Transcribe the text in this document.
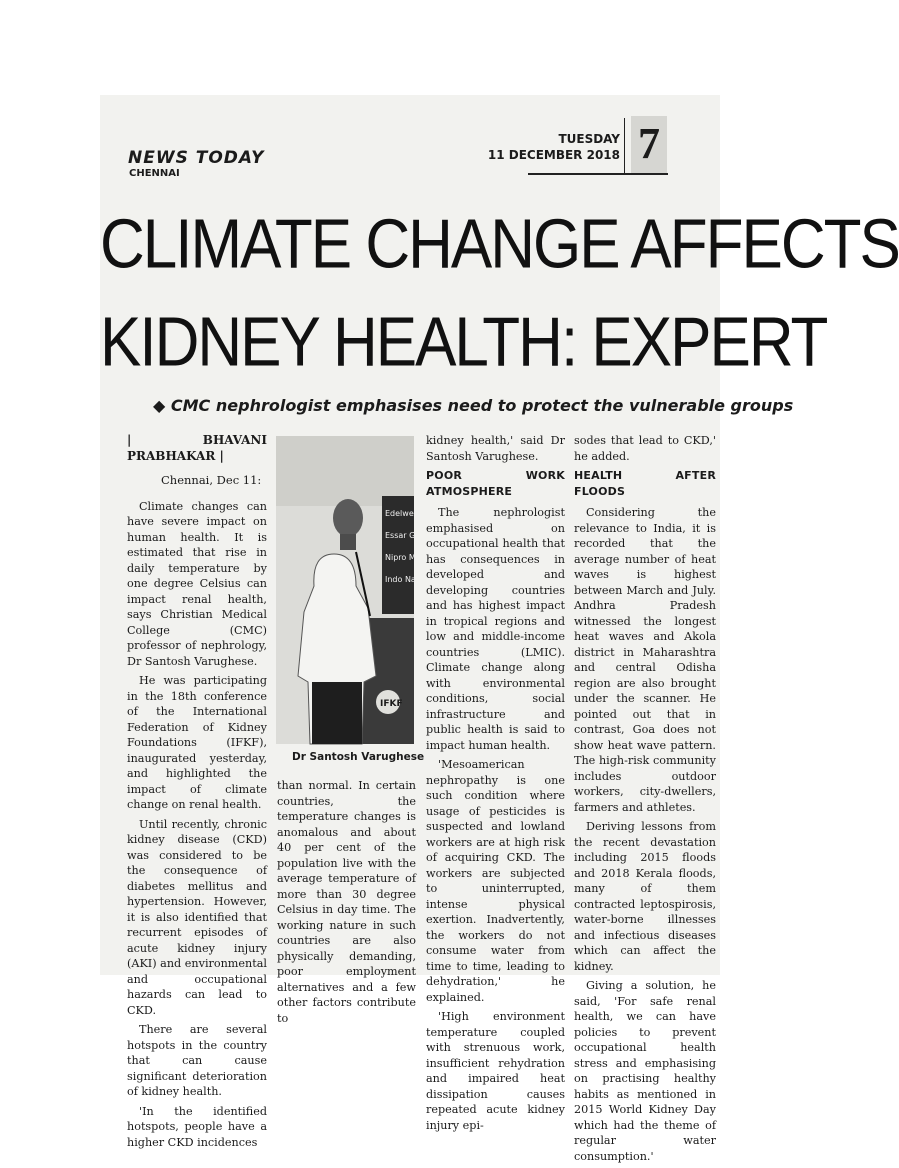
NEWS TODAY
CHENNAI
TUESDAY
11 DECEMBER 2018 7
CLIMATE CHANGE AFFECTS
KIDNEY HEALTH: EXPERT
◆ CMC nephrologist emphasises need to protect the vulnerable groups
| BHAVANI PRABHAKAR |
Chennai, Dec 11:

Climate changes can have severe impact on human health. It is estimated that rise in daily temperature by one degree Celsius can impact renal health, says Christian Medical College (CMC) professor of nephrology, Dr Santosh Varughese.

He was participating in the 18th conference of the International Federation of Kidney Foundations (IFKF), inaugurated yesterday, and highlighted the impact of climate change on renal health.

Until recently, chronic kidney disease (CKD) was considered to be the consequence of diabetes mellitus and hypertension. However, it is also identified that recurrent episodes of acute kidney injury (AKI) and environmental and occupational hazards can lead to CKD.

There are several hotspots in the country that can cause significant deterioration of kidney health.

'In the identified hotspots, people have a higher CKD incidences

Edelwei
Essar G
Nipro M
Indo Na
IFKF
Dr Santosh Varughese

than normal. In certain countries, the temperature changes is anomalous and about 40 per cent of the population live with the average temperature of more than 30 degree Celsius in day time. The working nature in such countries are also physically demanding, poor employment alternatives and a few other factors contribute to

kidney health,' said Dr Santosh Varughese.

POOR WORK ATMOSPHERE

The nephrologist emphasised on occupational health that has consequences in developed and developing countries and has highest impact in tropical regions and low and middle-income countries (LMIC). Climate change along with environmental conditions, social infrastructure and public health is said to impact human health.

'Mesoamerican nephropathy is one such condition where usage of pesticides is suspected and lowland workers are at high risk of acquiring CKD. The workers are subjected to uninterrupted, intense physical exertion. Inadvertently, the workers do not consume water from time to time, leading to dehydration,' he explained.

'High environment temperature coupled with strenuous work, insufficient rehydration and impaired heat dissipation causes repeated acute kidney injury epi-

sodes that lead to CKD,' he added.

HEALTH AFTER FLOODS

Considering the relevance to India, it is recorded that the average number of heat waves is highest between March and July. Andhra Pradesh witnessed the longest heat waves and Akola district in Maharashtra and central Odisha region are also brought under the scanner. He pointed out that in contrast, Goa does not show heat wave pattern. The high-risk community includes outdoor workers, city-dwellers, farmers and athletes.

Deriving lessons from the recent devastation including 2015 floods and 2018 Kerala floods, many of them contracted leptospirosis, water-borne illnesses and infectious diseases which can affect the kidney.

Giving a solution, he said, 'For safe renal health, we can have policies to prevent occupational health stress and emphasising on practising healthy habits as mentioned in 2015 World Kidney Day which had the theme of regular water consumption.'
